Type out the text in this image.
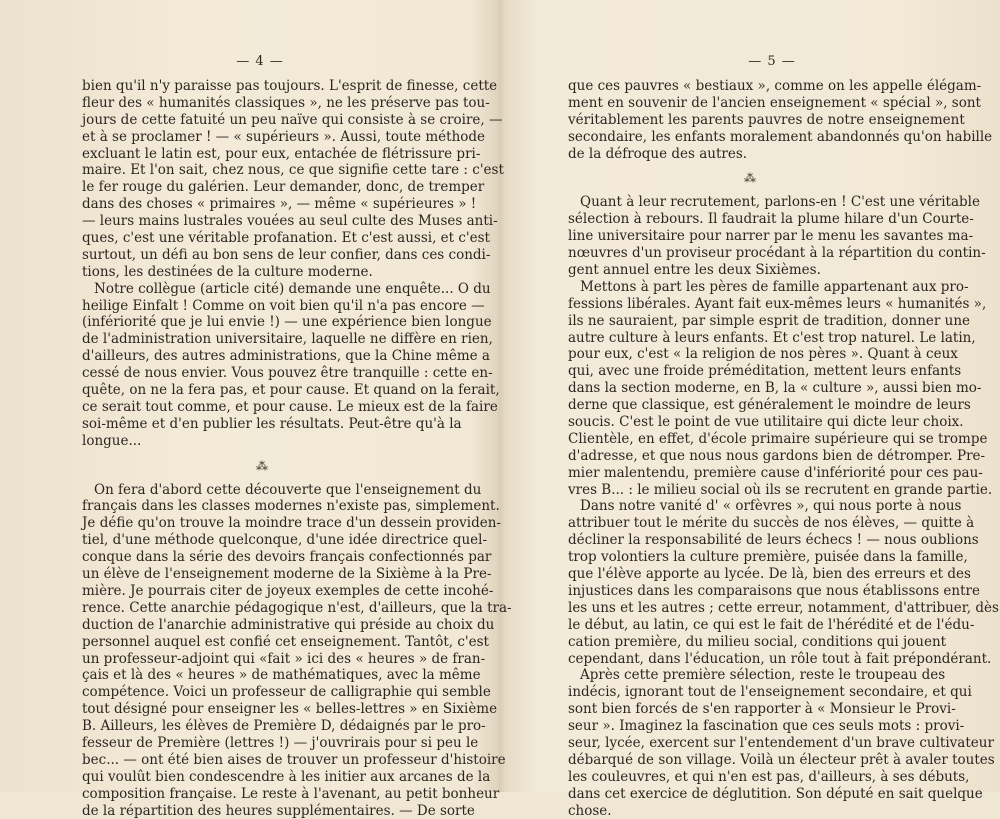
— 4 —
bien qu'il n'y paraisse pas toujours. L'esprit de finesse, cette
fleur des « humanités classiques », ne les préserve pas tou-
jours de cette fatuité un peu naïve qui consiste à se croire, —
et à se proclamer ! — « supérieurs ». Aussi, toute méthode
excluant le latin est, pour eux, entachée de flétrissure pri-
maire. Et l'on sait, chez nous, ce que signifie cette tare : c'est
le fer rouge du galérien. Leur demander, donc, de tremper
dans des choses « primaires », — même « supérieures » !
— leurs mains lustrales vouées au seul culte des Muses anti-
ques, c'est une véritable profanation. Et c'est aussi, et c'est
surtout, un défi au bon sens de leur confier, dans ces condi-
tions, les destinées de la culture moderne.
Notre collègue (article cité) demande une enquête... O du
heilige Einfalt ! Comme on voit bien qu'il n'a pas encore —
(infériorité que je lui envie !) — une expérience bien longue
de l'administration universitaire, laquelle ne diffère en rien,
d'ailleurs, des autres administrations, que la Chine même a
cessé de nous envier. Vous pouvez être tranquille : cette en-
quête, on ne la fera pas, et pour cause. Et quand on la ferait,
ce serait tout comme, et pour cause. Le mieux est de la faire
soi-même et d'en publier les résultats. Peut-être qu'à la
longue...
⁂
On fera d'abord cette découverte que l'enseignement du
français dans les classes modernes n'existe pas, simplement.
Je défie qu'on trouve la moindre trace d'un dessein providen-
tiel, d'une méthode quelconque, d'une idée directrice quel-
conque dans la série des devoirs français confectionnés par
un élève de l'enseignement moderne de la Sixième à la Pre-
mière. Je pourrais citer de joyeux exemples de cette incohé-
rence. Cette anarchie pédagogique n'est, d'ailleurs, que la tra-
duction de l'anarchie administrative qui préside au choix du
personnel auquel est confié cet enseignement. Tantôt, c'est
un professeur-adjoint qui «fait » ici des « heures » de fran-
çais et là des « heures » de mathématiques, avec la même
compétence. Voici un professeur de calligraphie qui semble
tout désigné pour enseigner les « belles-lettres » en Sixième
B. Ailleurs, les élèves de Première D, dédaignés par le pro-
fesseur de Première (lettres !) — j'ouvrirais pour si peu le
bec... — ont été bien aises de trouver un professeur d'histoire
qui voulût bien condescendre à les initier aux arcanes de la
composition française. Le reste à l'avenant, au petit bonheur
de la répartition des heures supplémentaires. — De sorte
— 5 —
que ces pauvres « bestiaux », comme on les appelle élégam-
ment en souvenir de l'ancien enseignement « spécial », sont
véritablement les parents pauvres de notre enseignement
secondaire, les enfants moralement abandonnés qu'on habille
de la défroque des autres.
⁂
Quant à leur recrutement, parlons-en ! C'est une véritable
sélection à rebours. Il faudrait la plume hilare d'un Courte-
line universitaire pour narrer par le menu les savantes ma-
nœuvres d'un proviseur procédant à la répartition du contin-
gent annuel entre les deux Sixièmes.
Mettons à part les pères de famille appartenant aux pro-
fessions libérales. Ayant fait eux-mêmes leurs « humanités »,
ils ne sauraient, par simple esprit de tradition, donner une
autre culture à leurs enfants. Et c'est trop naturel. Le latin,
pour eux, c'est « la religion de nos pères ». Quant à ceux
qui, avec une froide préméditation, mettent leurs enfants
dans la section moderne, en B, la « culture », aussi bien mo-
derne que classique, est généralement le moindre de leurs
soucis. C'est le point de vue utilitaire qui dicte leur choix.
Clientèle, en effet, d'école primaire supérieure qui se trompe
d'adresse, et que nous nous gardons bien de détromper. Pre-
mier malentendu, première cause d'infériorité pour ces pau-
vres B... : le milieu social où ils se recrutent en grande partie.
Dans notre vanité d' « orfèvres », qui nous porte à nous
attribuer tout le mérite du succès de nos élèves, — quitte à
décliner la responsabilité de leurs échecs ! — nous oublions
trop volontiers la culture première, puisée dans la famille,
que l'élève apporte au lycée. De là, bien des erreurs et des
injustices dans les comparaisons que nous établissons entre
les uns et les autres ; cette erreur, notamment, d'attribuer, dès
le début, au latin, ce qui est le fait de l'hérédité et de l'édu-
cation première, du milieu social, conditions qui jouent
cependant, dans l'éducation, un rôle tout à fait prépondérant.
Après cette première sélection, reste le troupeau des
indécis, ignorant tout de l'enseignement secondaire, et qui
sont bien forcés de s'en rapporter à « Monsieur le Provi-
seur ». Imaginez la fascination que ces seuls mots : provi-
seur, lycée, exercent sur l'entendement d'un brave cultivateur
débarqué de son village. Voilà un électeur prêt à avaler toutes
les couleuvres, et qui n'en est pas, d'ailleurs, à ses débuts,
dans cet exercice de déglutition. Son député en sait quelque
chose.
